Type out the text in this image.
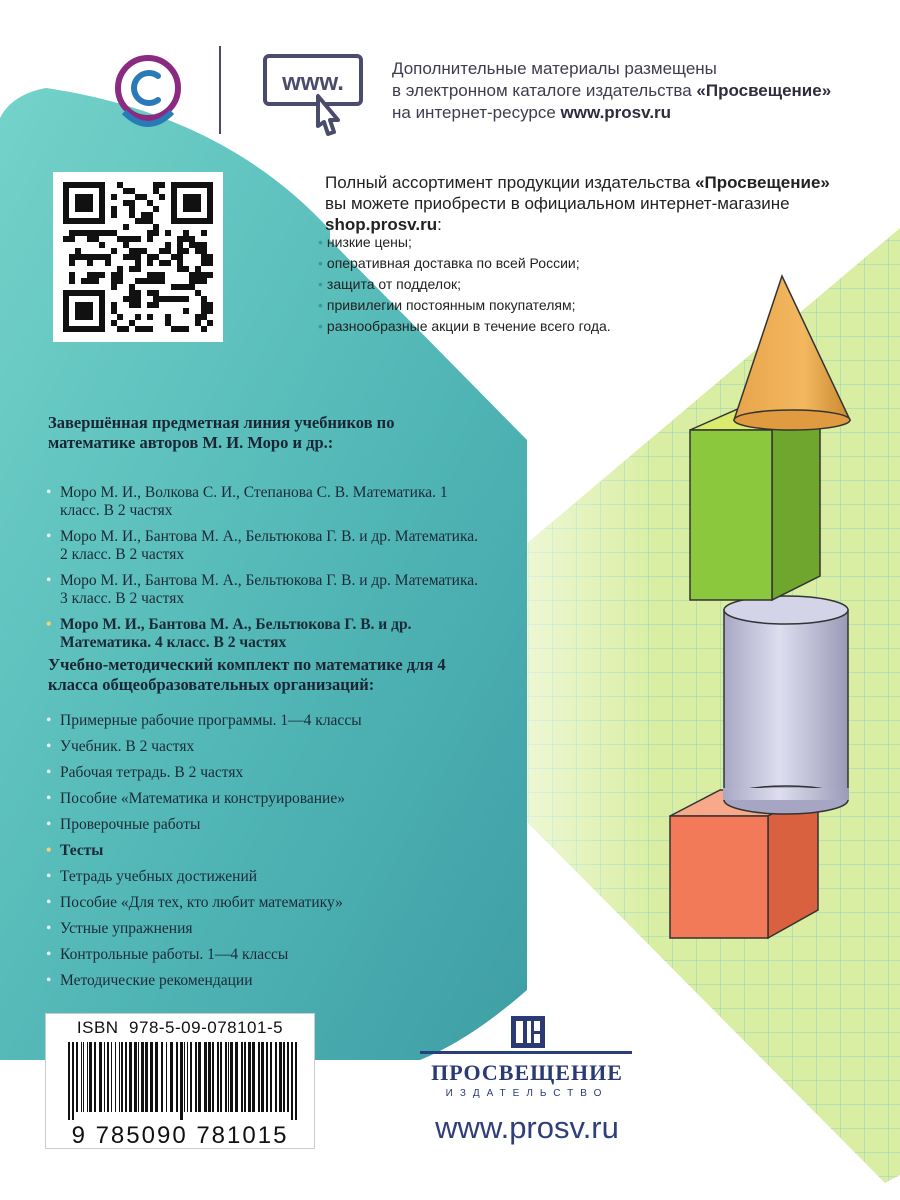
www.
Дополнительные материалы размещены
в электронном каталоге издательства «Просвещение»
на интернет-ресурсе www.prosv.ru
Полный ассортимент продукции издательства «Просвещение»
вы можете приобрести в официальном интернет-магазине
shop.prosv.ru:
• низкие цены;
• оперативная доставка по всей России;
• защита от подделок;
• привилегии постоянным покупателям;
• разнообразные акции в течение всего года.
Завершённая предметная линия учебников по математике авторов М. И. Моро и др.:
• Моро М. И., Волкова С. И., Степанова С. В. Математика. 1 класс. В 2 частях
• Моро М. И., Бантова М. А., Бельтюкова Г. В. и др. Математика. 2 класс. В 2 частях
• Моро М. И., Бантова М. А., Бельтюкова Г. В. и др. Математика. 3 класс. В 2 частях
• Моро М. И., Бантова М. А., Бельтюкова Г. В. и др. Математика. 4 класс. В 2 частях
Учебно-методический комплект по математике для 4 класса общеобразовательных организаций:
• Примерные рабочие программы. 1—4 классы
• Учебник. В 2 частях
• Рабочая тетрадь. В 2 частях
• Пособие «Математика и конструирование»
• Проверочные работы
• Тесты
• Тетрадь учебных достижений
• Пособие «Для тех, кто любит математику»
• Устные упражнения
• Контрольные работы. 1—4 классы
• Методические рекомендации
ISBN  978-5-09-078101-5
9 785090 781015
ПРОСВЕЩЕНИЕ
ИЗДАТЕЛЬСТВО
www.prosv.ru
